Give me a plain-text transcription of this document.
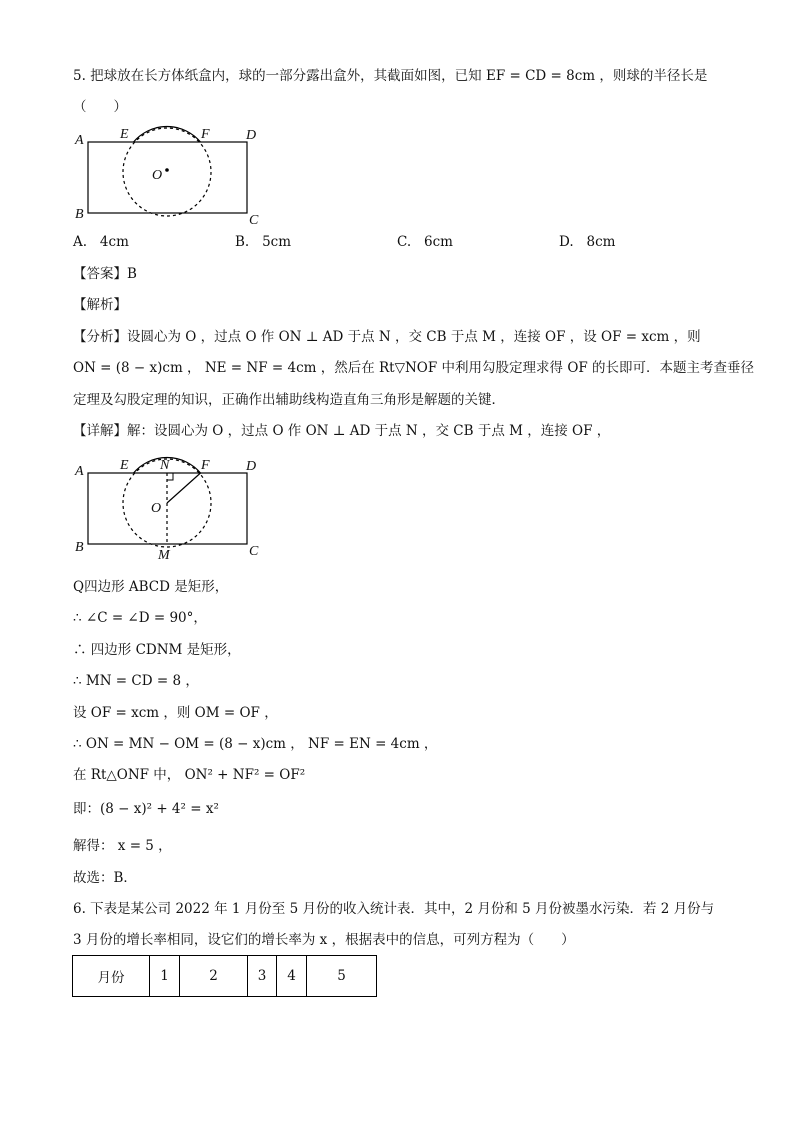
5. 把球放在长方体纸盒内，球的一部分露出盒外，其截面如图，已知 EF = CD = 8cm ，则球的半径长是
（　　）
A	E	F	D
O
B	C
A. 4cm	B. 5cm	C. 6cm	D. 8cm
【答案】B
【解析】
【分析】设圆心为 O ，过点 O 作 ON ⊥ AD 于点 N ，交 CB 于点 M ，连接 OF ，设 OF = xcm ，则
ON = (8 − x)cm ， NE = NF = 4cm ，然后在 Rt▽NOF 中利用勾股定理求得 OF 的长即可．本题主考查垂径
定理及勾股定理的知识，正确作出辅助线构造直角三角形是解题的关键．
【详解】解：设圆心为 O ，过点 O 作 ON ⊥ AD 于点 N ，交 CB 于点 M ，连接 OF ，
A	E N F	D
O
B
M	C
Q四边形 ABCD 是矩形，
∴ ∠C = ∠D = 90°，
∴ 四边形 CDNM 是矩形，
∴ MN = CD = 8 ，
设 OF = xcm ，则 OM = OF ，
∴ ON = MN − OM = (8 − x)cm ， NF = EN = 4cm ，
在 Rt△ONF 中， ON² + NF² = OF²
即：(8 − x)² + 4² = x²
解得： x = 5 ，
故选：B．
6. 下表是某公司 2022 年 1 月份至 5 月份的收入统计表．其中，2 月份和 5 月份被墨水污染．若 2 月份与
3 月份的增长率相同，设它们的增长率为 x ，根据表中的信息，可列方程为（　　）
月份	1	2	3	4	5
